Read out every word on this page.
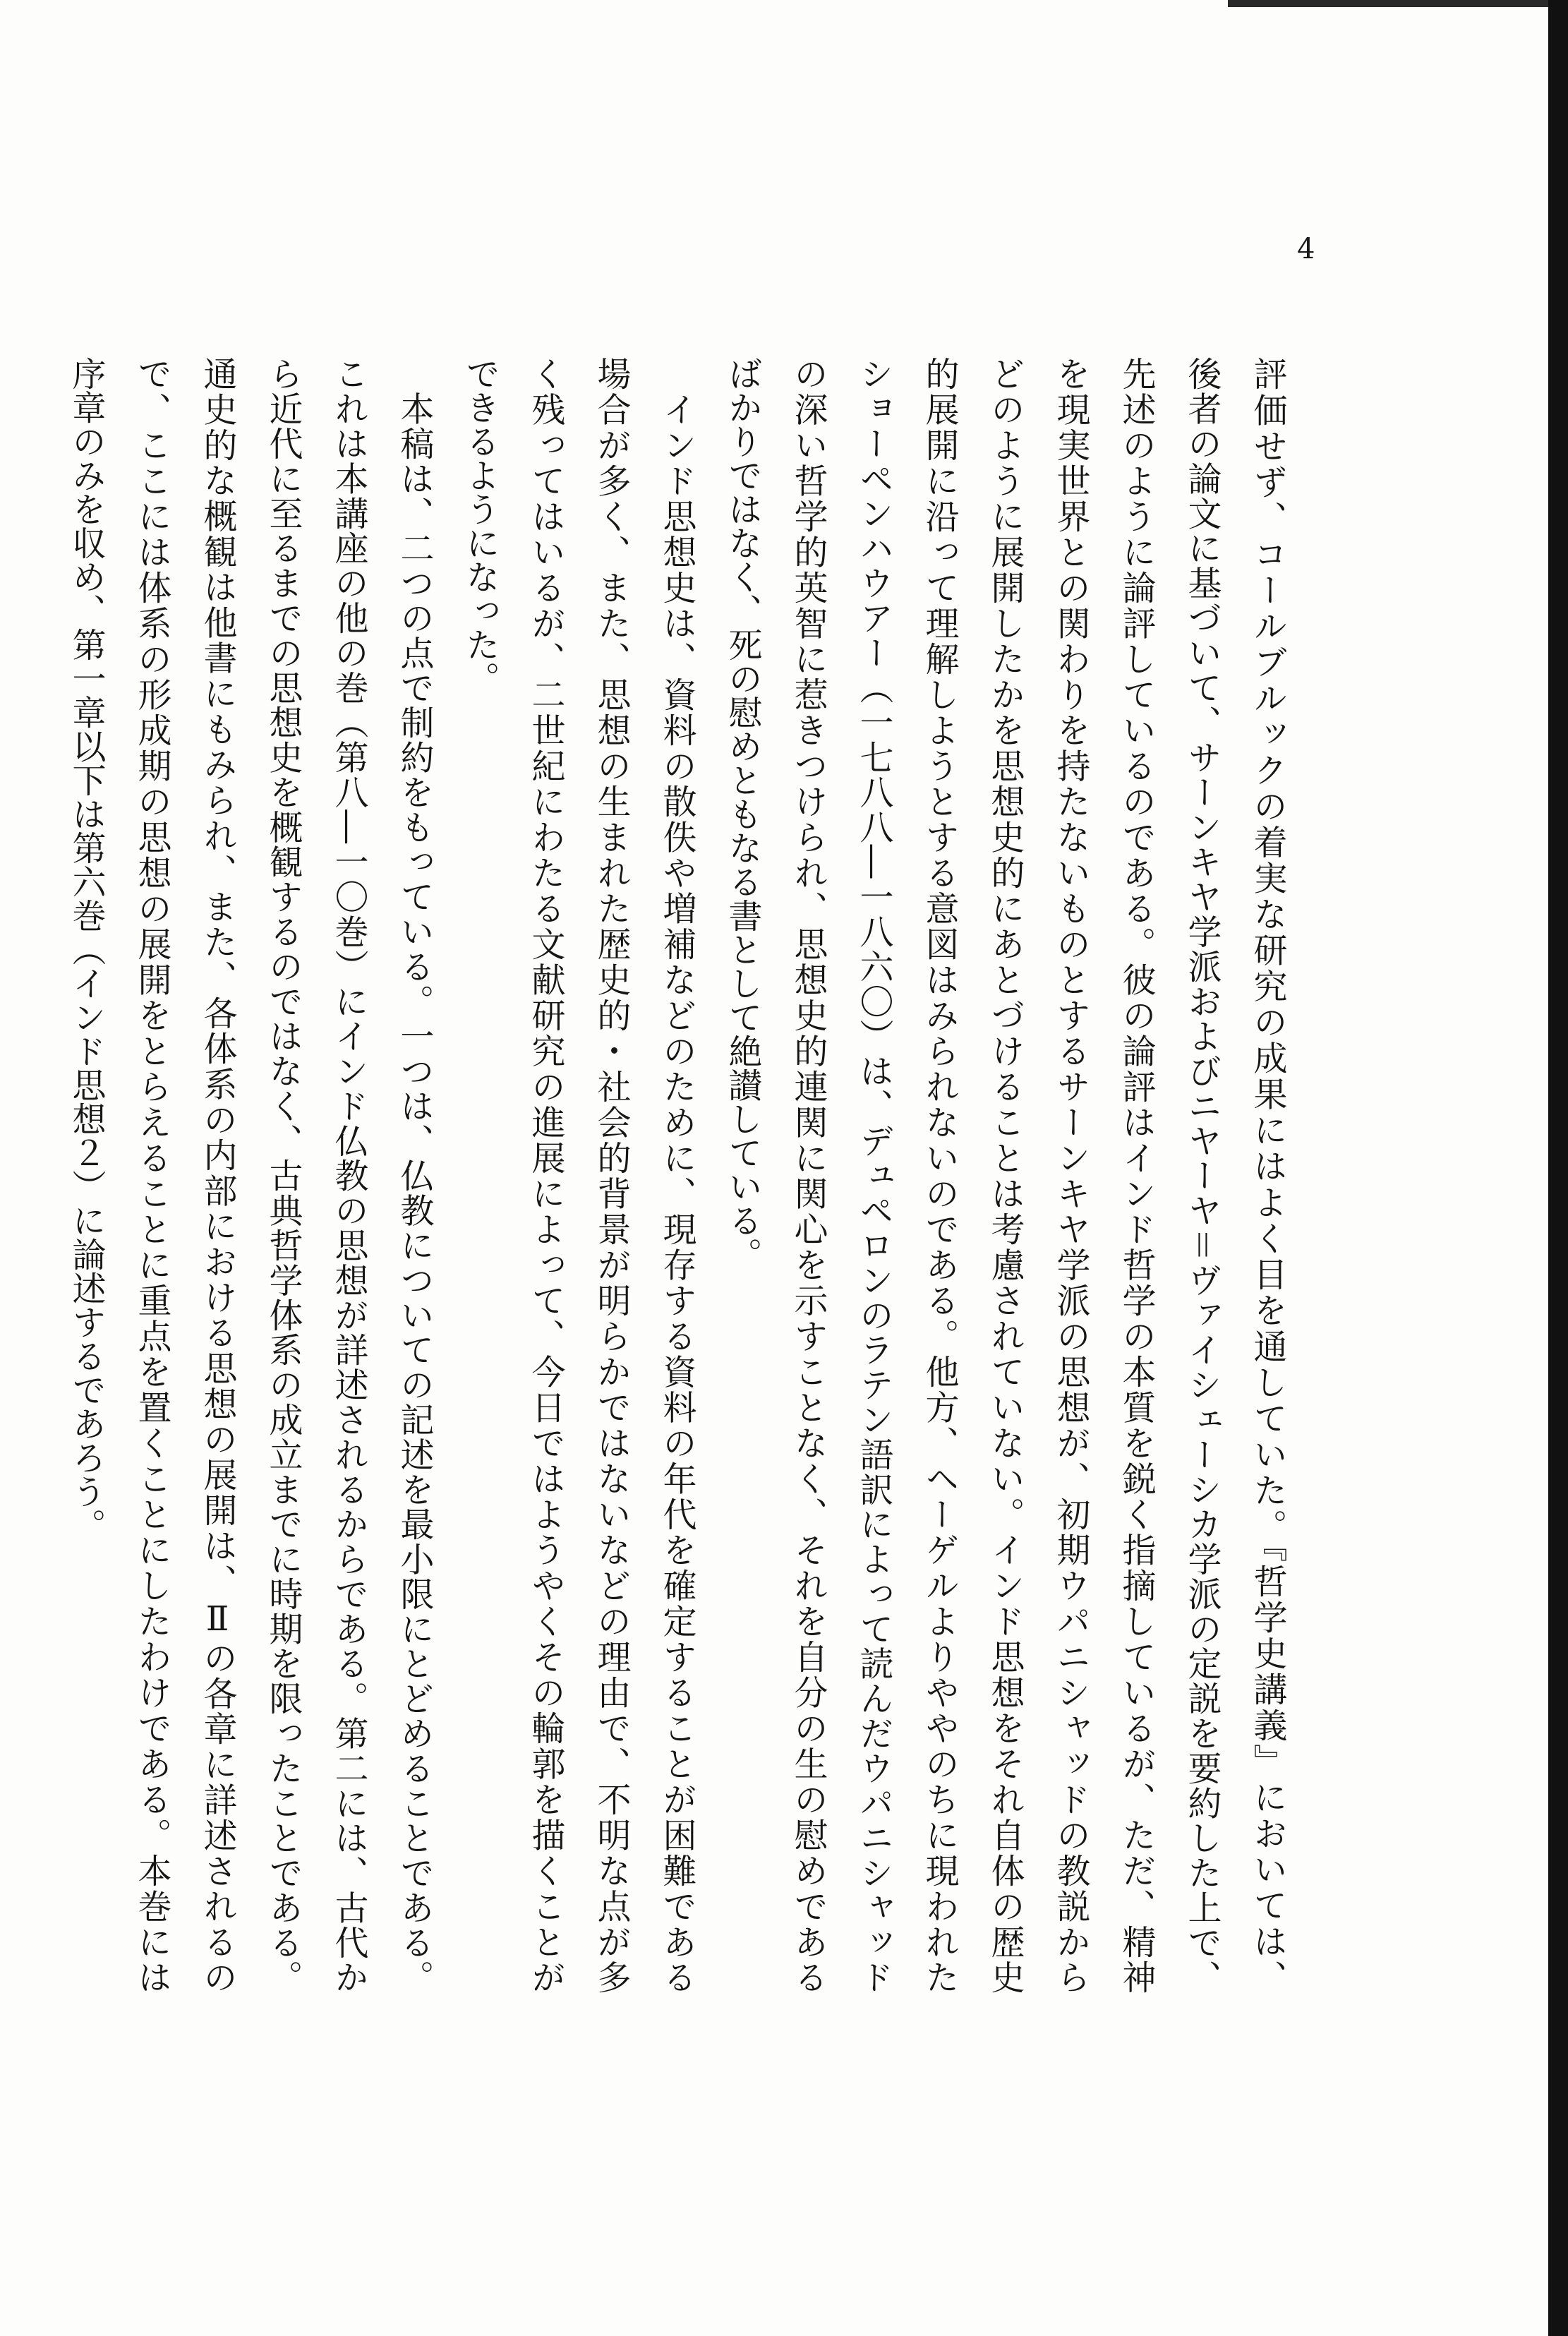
4

評価せず、コールブルックの着実な研究の成果にはよく目を通していた。『哲学史講義』においては、

後者の論文に基づいて、サーンキヤ学派およびニヤーヤ＝ヴァイシェーシカ学派の定説を要約した上で、

先述のように論評しているのである。彼の論評はインド哲学の本質を鋭く指摘しているが、ただ、精神

を現実世界との関わりを持たないものとするサーンキヤ学派の思想が、初期ウパニシャッドの教説から

どのように展開したかを思想史的にあとづけることは考慮されていない。インド思想をそれ自体の歴史

的展開に沿って理解しようとする意図はみられないのである。他方、ヘーゲルよりややのちに現われた

ショーペンハウアー（一七八八―一八六〇）は、デュペロンのラテン語訳によって読んだウパニシャッド

の深い哲学的英智に惹きつけられ、思想史的連関に関心を示すことなく、それを自分の生の慰めである

ばかりではなく、死の慰めともなる書として絶讃している。

　インド思想史は、資料の散佚や増補などのために、現存する資料の年代を確定することが困難である

場合が多く、また、思想の生まれた歴史的・社会的背景が明らかではないなどの理由で、不明な点が多

く残ってはいるが、二世紀にわたる文献研究の進展によって、今日ではようやくその輪郭を描くことが

できるようになった。

　本稿は、二つの点で制約をもっている。一つは、仏教についての記述を最小限にとどめることである。

これは本講座の他の巻（第八―一〇巻）にインド仏教の思想が詳述されるからである。第二には、古代か

ら近代に至るまでの思想史を概観するのではなく、古典哲学体系の成立までに時期を限ったことである。

通史的な概観は他書にもみられ、また、各体系の内部における思想の展開は、Ⅱの各章に詳述されるの

で、ここには体系の形成期の思想の展開をとらえることに重点を置くことにしたわけである。本巻には

序章のみを収め、第一章以下は第六巻（インド思想２）に論述するであろう。
